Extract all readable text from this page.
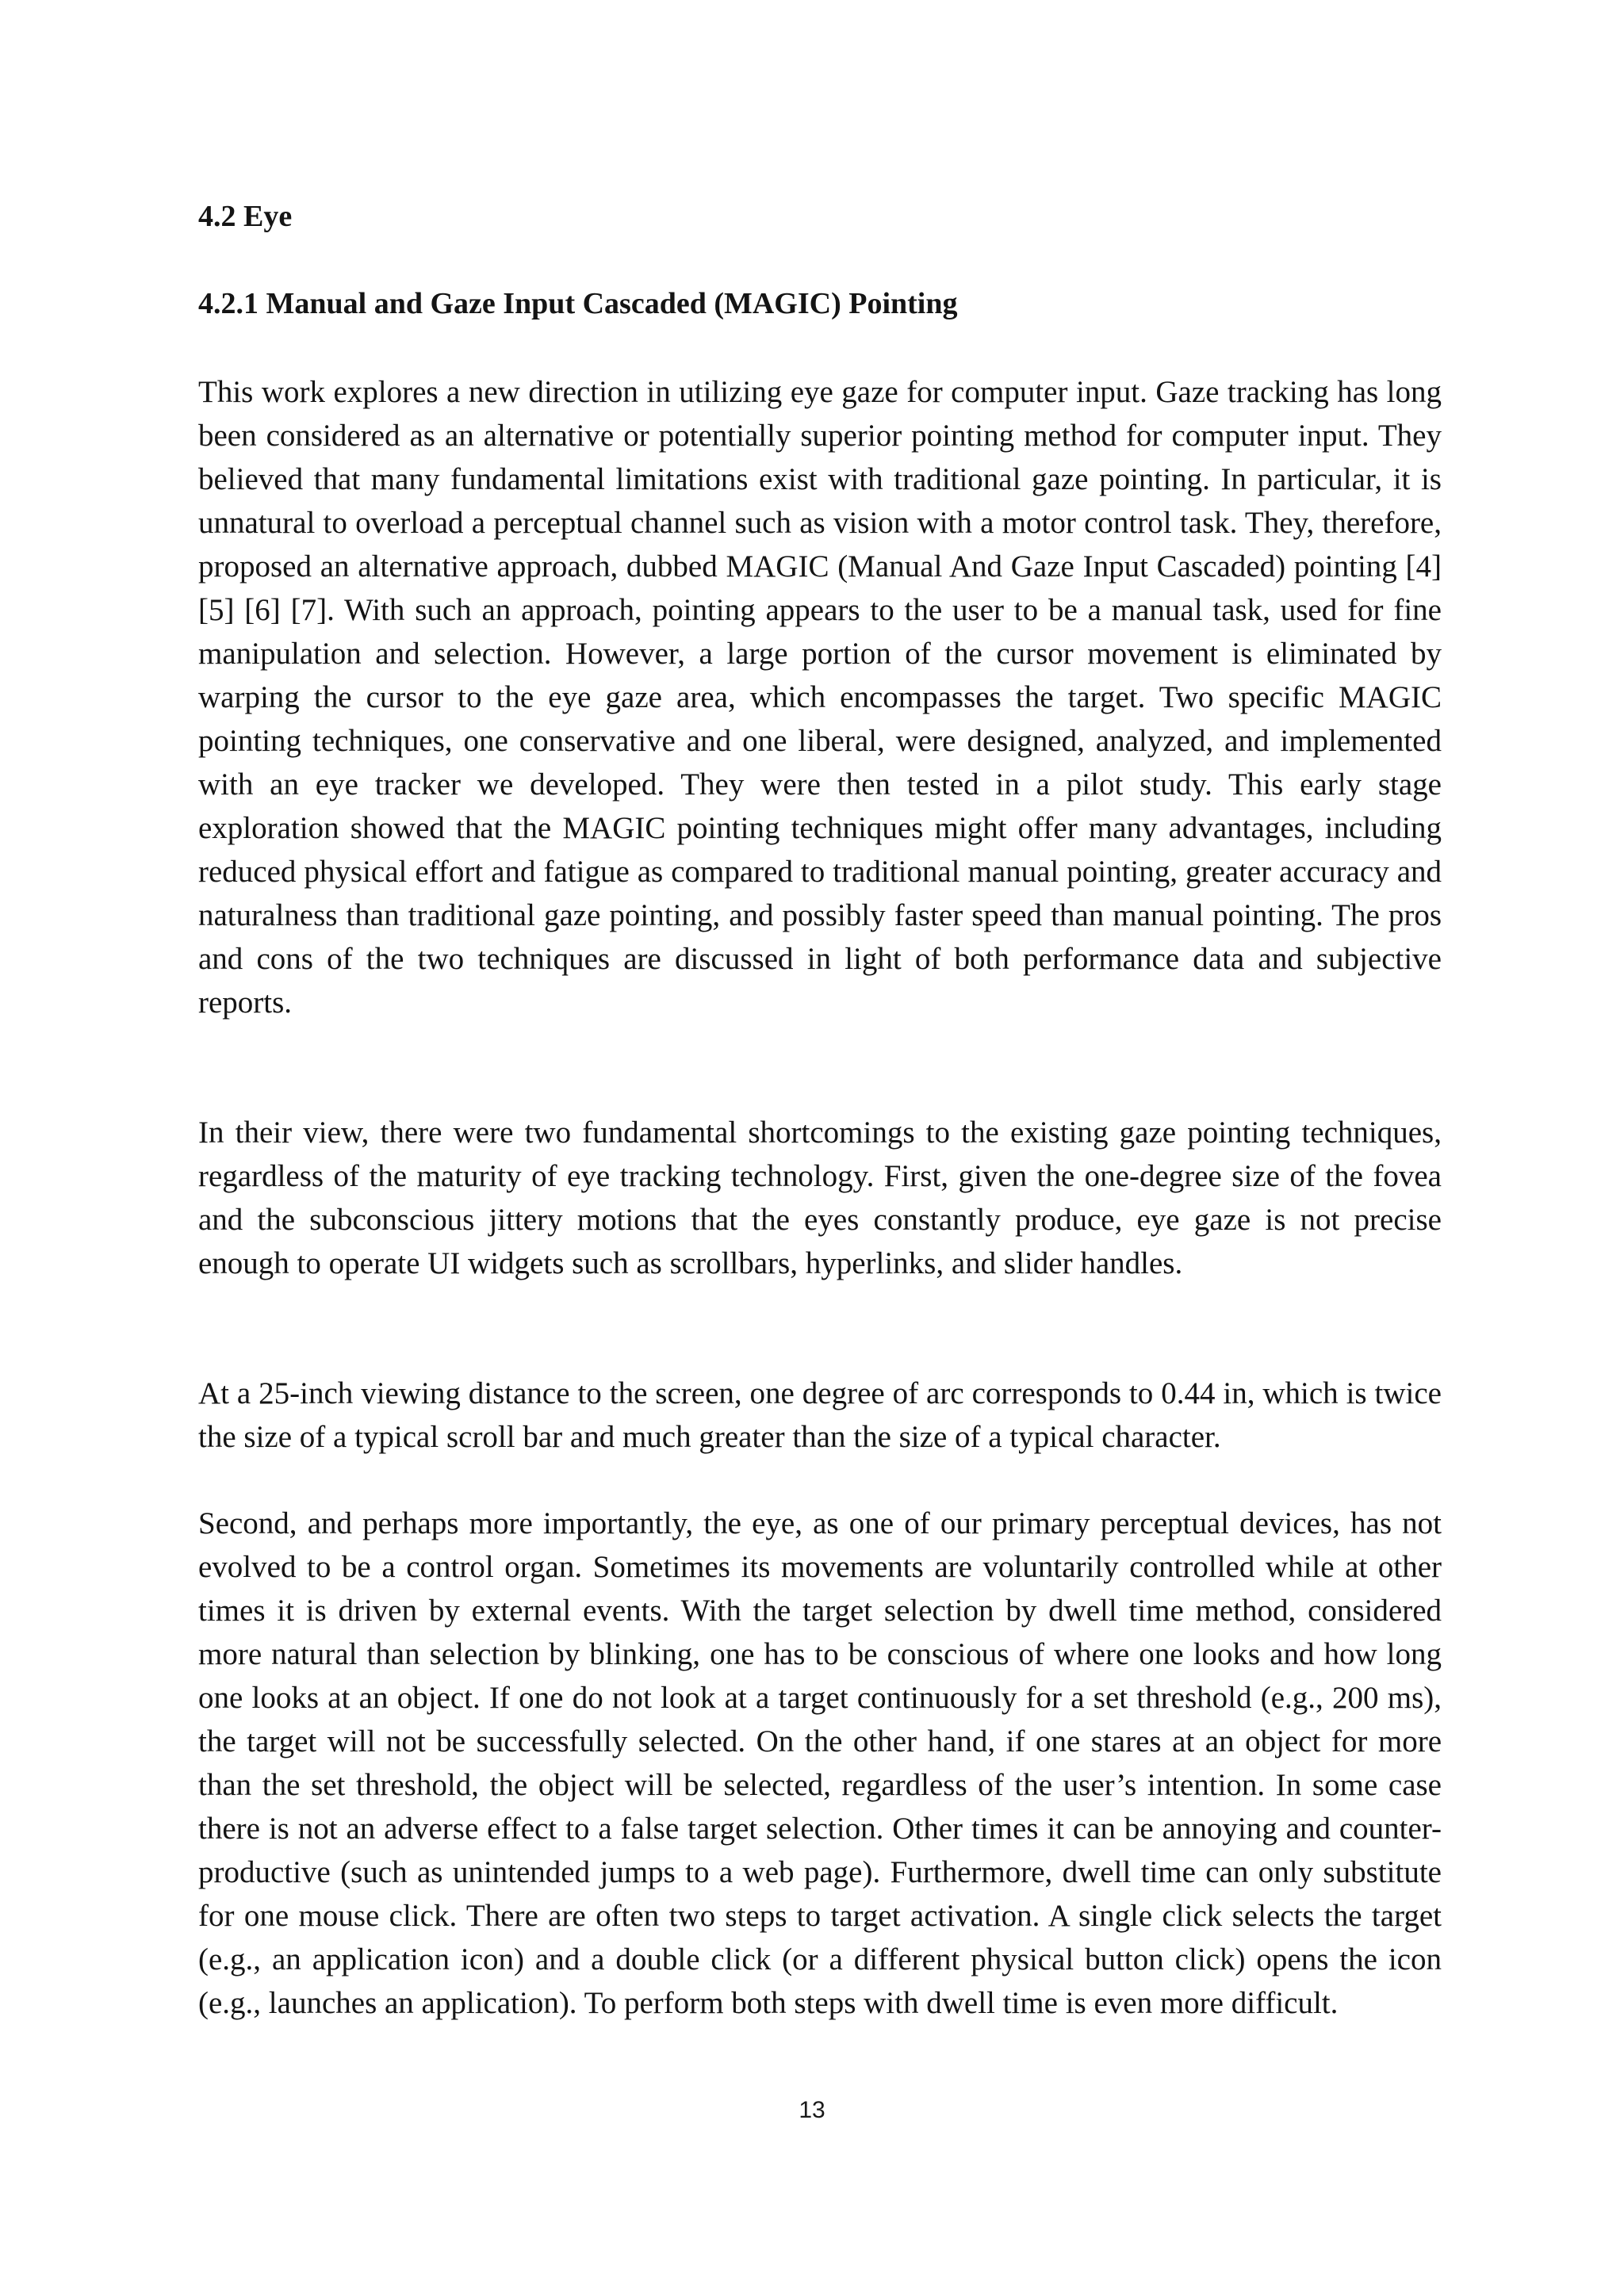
4.2 Eye
4.2.1 Manual and Gaze Input Cascaded (MAGIC) Pointing

This work explores a new direction in utilizing eye gaze for computer input. Gaze tracking has long been considered as an alternative or potentially superior pointing method for computer input. They believed that many fundamental limitations exist with traditional gaze pointing. In particular, it is unnatural to overload a perceptual channel such as vision with a motor control task. They, therefore, proposed an alternative approach, dubbed MAGIC (Manual And Gaze Input Cascaded) pointing [4] [5] [6] [7]. With such an approach, pointing appears to the user to be a manual task, used for fine manipulation and selection. However, a large portion of the cursor movement is eliminated by warping the cursor to the eye gaze area, which encompasses the target. Two specific MAGIC pointing techniques, one conservative and one liberal, were designed, analyzed, and implemented with an eye tracker we developed. They were then tested in a pilot study. This early stage exploration showed that the MAGIC pointing techniques might offer many advantages, including reduced physical effort and fatigue as compared to traditional manual pointing, greater accuracy and naturalness than traditional gaze pointing, and possibly faster speed than manual pointing. The pros and cons of the two techniques are discussed in light of both performance data and subjective reports.

In their view, there were two fundamental shortcomings to the existing gaze pointing techniques, regardless of the maturity of eye tracking technology. First, given the one-degree size of the fovea and the subconscious jittery motions that the eyes constantly produce, eye gaze is not precise enough to operate UI widgets such as scrollbars, hyperlinks, and slider handles.

At a 25-inch viewing distance to the screen, one degree of arc corresponds to 0.44 in, which is twice the size of a typical scroll bar and much greater than the size of a typical character.

Second, and perhaps more importantly, the eye, as one of our primary perceptual devices, has not evolved to be a control organ. Sometimes its movements are voluntarily controlled while at other times it is driven by external events. With the target selection by dwell time method, considered more natural than selection by blinking, one has to be conscious of where one looks and how long one looks at an object. If one do not look at a target continuously for a set threshold (e.g., 200 ms), the target will not be successfully selected. On the other hand, if one stares at an object for more than the set threshold, the object will be selected, regardless of the user’s intention. In some case there is not an adverse effect to a false target selection. Other times it can be annoying and counter-productive (such as unintended jumps to a web page). Furthermore, dwell time can only substitute for one mouse click. There are often two steps to target activation. A single click selects the target (e.g., an application icon) and a double click (or a different physical button click) opens the icon (e.g., launches an application). To perform both steps with dwell time is even more difficult.

13
